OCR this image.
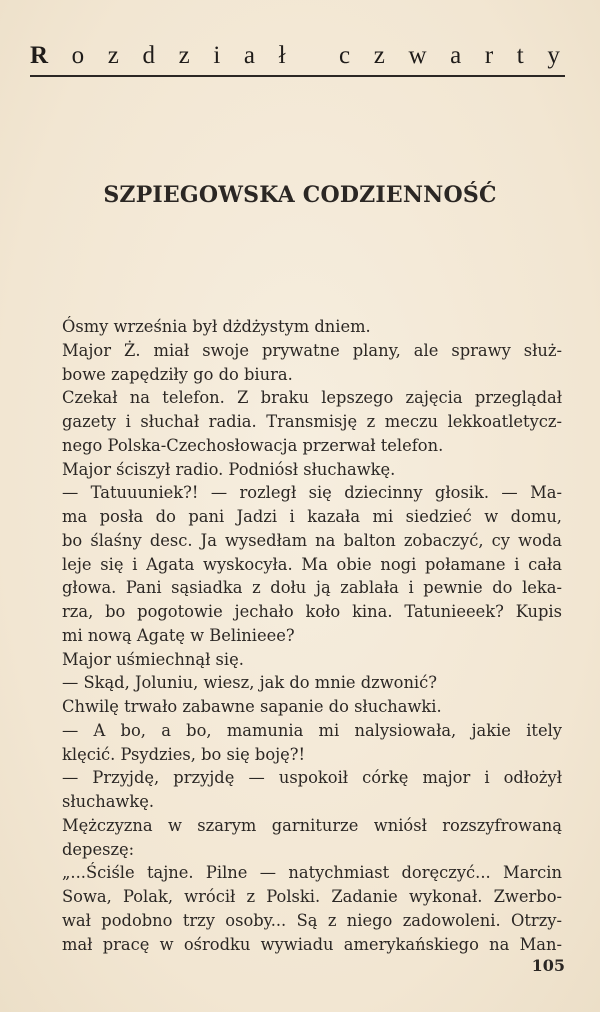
R o z d z i a ł
c z w a r t y
SZPIEGOWSKA CODZIENNOŚĆ
Ósmy września był dżdżystym dniem.
Major Ż. miał swoje prywatne plany, ale sprawy służ-
bowe zapędziły go do biura.
Czekał na telefon. Z braku lepszego zajęcia przeglądał
gazety i słuchał radia. Transmisję z meczu lekkoatletycz-
nego Polska-Czechosłowacja przerwał telefon.
Major ściszył radio. Podniósł słuchawkę.
— Tatuuuniek?! — rozległ się dziecinny głosik. — Ma-
ma posła do pani Jadzi i kazała mi siedzieć w domu,
bo ślaśny desc. Ja wysedłam na balton zobaczyć, cy woda
leje się i Agata wyskocyła. Ma obie nogi połamane i cała
głowa. Pani sąsiadka z dołu ją zablała i pewnie do leka-
rza, bo pogotowie jechało koło kina. Tatunieeek? Kupis
mi nową Agatę w Belinieee?
Major uśmiechnął się.
— Skąd, Joluniu, wiesz, jak do mnie dzwonić?
Chwilę trwało zabawne sapanie do słuchawki.
— A bo, a bo, mamunia mi nalysiowała, jakie itely
klęcić. Psydzies, bo się boję?!
— Przyjdę, przyjdę — uspokoił córkę major i odłożył
słuchawkę.
Mężczyzna w szarym garniturze wniósł rozszyfrowaną
depeszę:
„...Ściśle tajne. Pilne — natychmiast doręczyć... Marcin
Sowa, Polak, wrócił z Polski. Zadanie wykonał. Zwerbo-
wał podobno trzy osoby... Są z niego zadowoleni. Otrzy-
mał pracę w ośrodku wywiadu amerykańskiego na Man-
105
